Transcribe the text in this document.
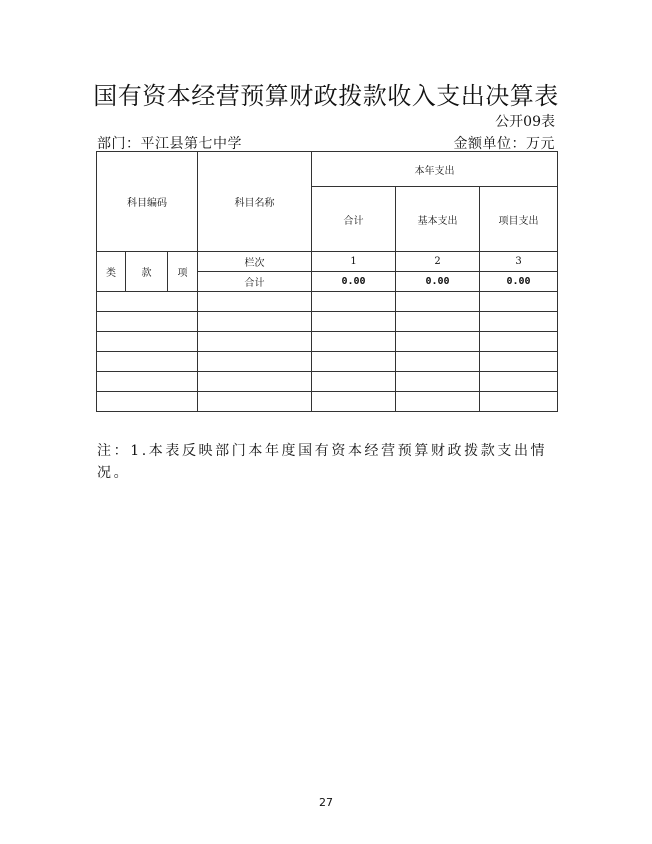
国有资本经营预算财政拨款收入支出决算表
公开09表
部门：平江县第七中学	金额单位：万元
科目编码			科目名称	本年支出		
				合计	基本支出	项目支出
类	款	项	栏次	1	2	3
			合计	0.00	0.00	0.00

注：1.本表反映部门本年度国有资本经营预算财政拨款支出情况。
27
